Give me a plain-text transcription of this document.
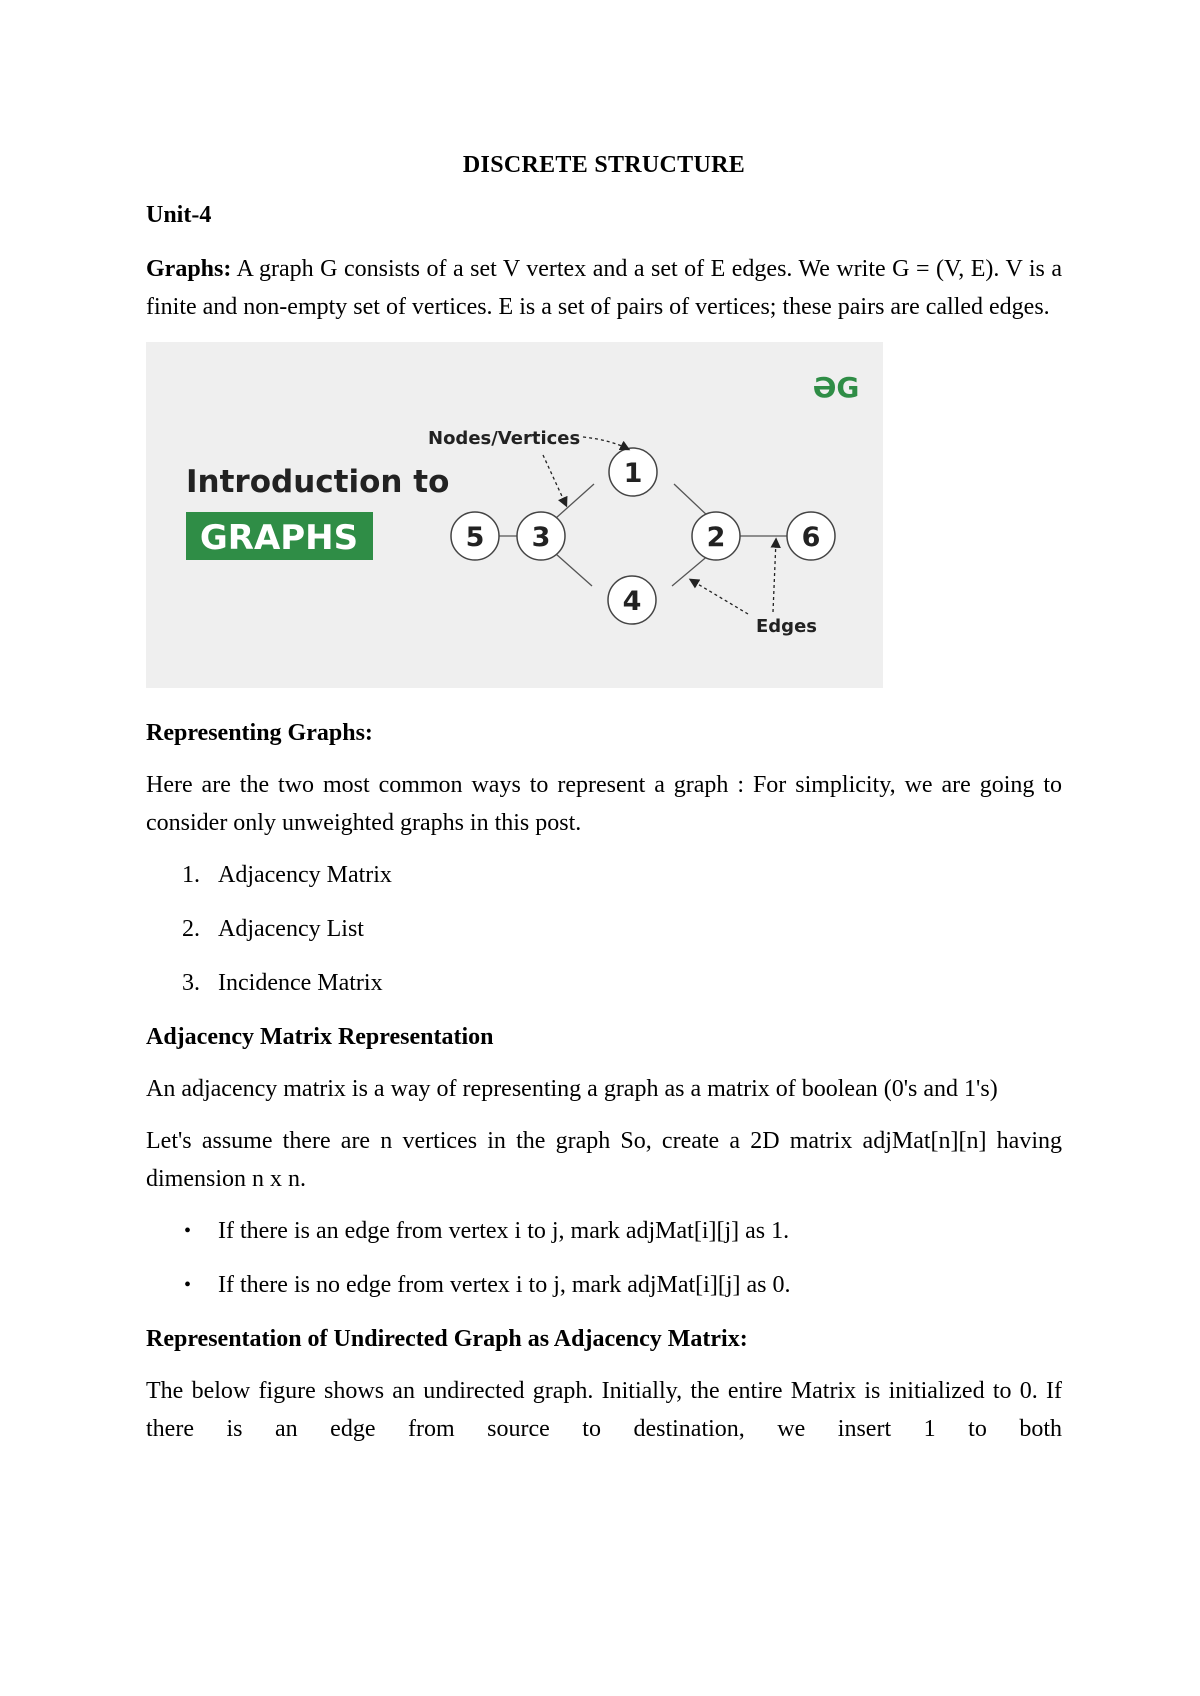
DISCRETE STRUCTURE
Unit-4

Graphs: A graph G consists of a set V vertex and a set of E edges. We write G = (V, E). V is a finite and non-empty set of vertices. E is a set of pairs of vertices; these pairs are called edges.

ƏG
Introduction to
GRAPHS
1
2
3
4
5	6
Nodes/Vertices
Edges
Representing Graphs:

Here are the two most common ways to represent a graph : For simplicity, we are going to consider only unweighted graphs in this post.

1. Adjacency Matrix
2. Adjacency List
3. Incidence Matrix
Adjacency Matrix Representation

An adjacency matrix is a way of representing a graph as a matrix of boolean (0's and 1's)

Let's assume there are n vertices in the graph So, create a 2D matrix adjMat[n][n] having dimension n x n.

• If there is an edge from vertex i to j, mark adjMat[i][j] as 1.
• If there is no edge from vertex i to j, mark adjMat[i][j] as 0.
Representation of Undirected Graph as Adjacency Matrix:

The below figure shows an undirected graph. Initially, the entire Matrix is initialized to 0. If there is an edge from source to destination, we insert 1 to both
